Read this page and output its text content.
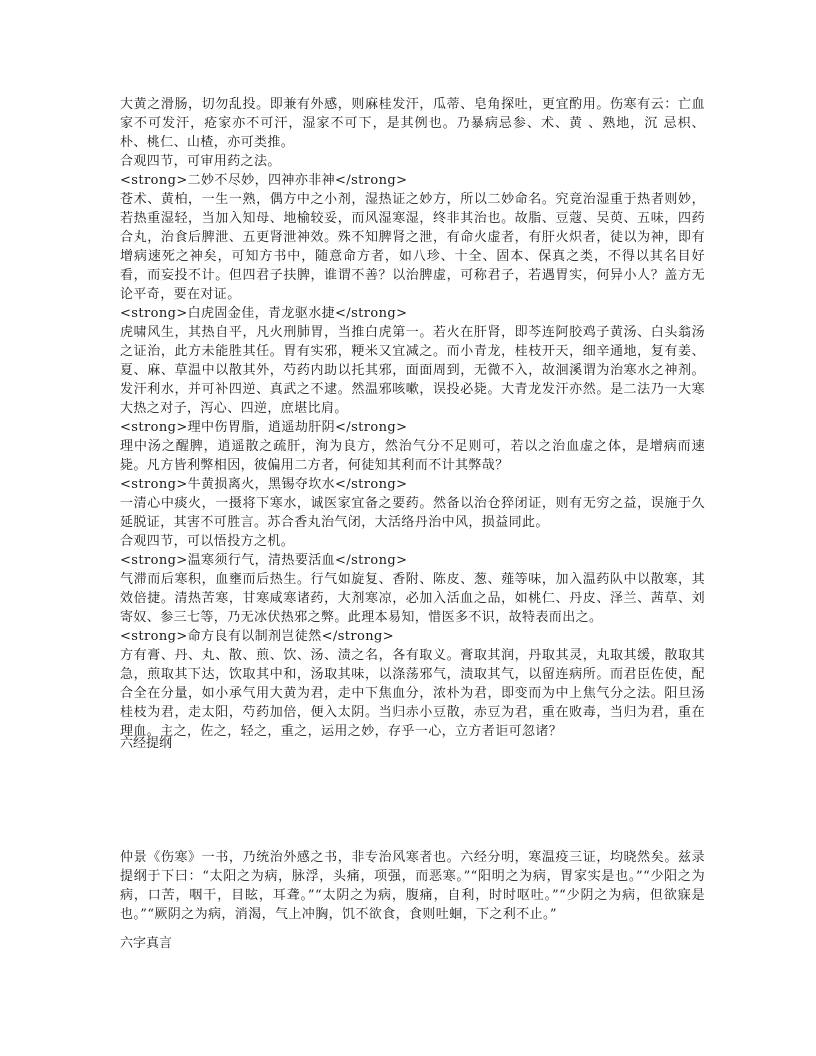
大黄之滑肠，切勿乱投。即兼有外感，则麻桂发汗，瓜蒂、皂角探吐，更宜酌用。伤寒有云：亡血家不可发汗，疮家亦不可汗，湿家不可下，是其例也。乃暴病忌参、术、黄 、熟地，沉 忌枳、朴、桃仁、山楂，亦可类推。

合观四节，可审用药之法。

<strong>二妙不尽妙，四神亦非神</strong>

苍术、黄柏，一生一熟，偶方中之小剂，湿热证之妙方，所以二妙命名。究竟治湿重于热者则妙，若热重湿轻，当加入知母、地榆较妥，而风湿寒湿，终非其治也。故脂、豆蔻、吴萸、五味，四药合丸，治食后脾泄、五更肾泄神效。殊不知脾肾之泄，有命火虚者，有肝火炽者，徒以为神，即有增病速死之神矣，可知方书中，随意命方者，如八珍、十全、固本、保真之类，不得以其名目好看，而妄投不计。但四君子扶脾，谁谓不善？以治脾虚，可称君子，若遇胃实，何异小人？盖方无论平奇，要在对证。

<strong>白虎固金佳，青龙驱水捷</strong>

虎啸风生，其热自平，凡火刑肺胃，当推白虎第一。若火在肝肾，即芩连阿胶鸡子黄汤、白头翁汤之证治，此方未能胜其任。胃有实邪，粳米又宜减之。而小青龙，桂枝开天，细辛通地，复有姜、夏、麻、草温中以散其外，芍药内助以托其邪，面面周到，无微不入，故洄溪谓为治寒水之神剂。发汗利水，并可补四逆、真武之不逮。然温邪咳嗽，误投必毙。大青龙发汗亦然。是二法乃一大寒大热之对子，泻心、四逆，庶堪比肩。

<strong>理中伤胃脂，逍遥劫肝阴</strong>

理中汤之醒脾，逍遥散之疏肝，洵为良方，然治气分不足则可，若以之治血虚之体，是增病而速毙。凡方皆利弊相因，彼偏用二方者，何徒知其利而不计其弊哉？

<strong>牛黄损离火，黑锡夺坎水</strong>

一清心中痰火，一摄将下寒水，诚医家宜备之要药。然备以治仓猝闭证，则有无穷之益，误施于久延脱证，其害不可胜言。苏合香丸治气闭，大活络丹治中风，损益同此。

合观四节，可以悟投方之机。

<strong>温寒须行气，清热要活血</strong>

气滞而后寒积，血壅而后热生。行气如旋复、香附、陈皮、葱、薤等味，加入温药队中以散寒，其效倍捷。清热苦寒，甘寒咸寒诸药，大剂寒凉，必加入活血之品，如桃仁、丹皮、泽兰、茜草、刘寄奴、参三七等，乃无冰伏热邪之弊。此理本易知，惜医多不识，故特表而出之。

<strong>命方良有以制剂岂徒然</strong>

方有膏、丹、丸、散、煎、饮、汤、渍之名，各有取义。膏取其润，丹取其灵，丸取其缓，散取其急，煎取其下达，饮取其中和，汤取其味，以涤荡邪气，渍取其气，以留连病所。而君臣佐使，配合全在分量，如小承气用大黄为君，走中下焦血分，浓朴为君，即变而为中上焦气分之法。阳旦汤桂枝为君，走太阳，芍药加倍，便入太阴。当归赤小豆散，赤豆为君，重在败毒，当归为君，重在理血。主之，佐之，轻之，重之，运用之妙，存乎一心，立方者讵可忽诸？

六经提纲

仲景《伤寒》一书，乃统治外感之书，非专治风寒者也。六经分明，寒温疫三证，均晓然矣。兹录提纲于下曰：“太阳之为病，脉浮，头痛，项强，而恶寒。”“阳明之为病，胃家实是也。”“少阳之为病，口苦，咽干，目眩，耳聋。”“太阴之为病，腹痛，自利，时时呕吐。”“少阴之为病，但欲寐是也。”“厥阴之为病，消渴，气上冲胸，饥不欲食，食则吐蛔，下之利不止。”

六字真言
